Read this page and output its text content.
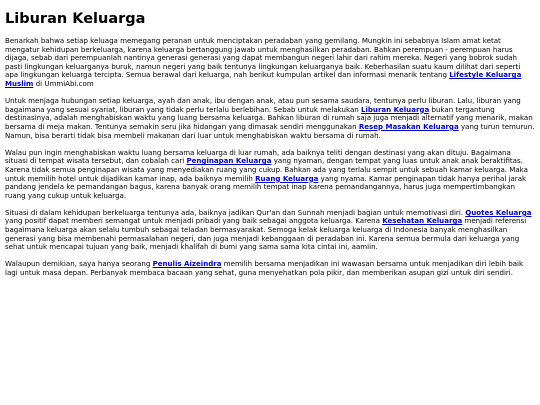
Liburan Keluarga

Benarkah bahwa setiap keluaga memegang peranan untuk menciptakan peradaban yang gemilang. Mungkin ini sebabnya Islam amat ketat mengatur kehidupan berkeluarga, karena keluarga bertanggung jawab untuk menghasilkan peradaban. Bahkan perempuan - perempuan harus dijaga, sebab dari perempuanlah nantinya generasi generasi yang dapat membangun negeri lahir dari rahim mereka. Negeri yang bobrok sudah pasti lingkungan keluarganya buruk, namun negeri yang baik tentunya lingkungan keluarganya baik. Keberhasilan suatu kaum dilihat dari seperti apa lingkungan keluarga tercipta. Semua berawal dari keluarga, nah berikut kumpulan artikel dan informasi menarik tentang Lifestyle Keluarga Muslim di UmmiAbi.com

Untuk menjaga hubungan setiap keluarga, ayah dan anak, ibu dengan anak, atau pun sesama saudara, tentunya perlu liburan. Lalu, liburan yang bagaimana yang sesuai syariat, liburan yang tidak perlu terlalu berlebihan. Sebab untuk melakukan Liburan Keluarga bukan tergantung destinasinya, adalah menghabiskan waktu yang luang bersama keluarga. Bahkan liburan di rumah saja juga menjadi alternatif yang menarik, makan bersama di meja makan. Tentunya semakin seru jika hidangan yang dimasak sendiri menggunakan Resep Masakan Keluarga yang turun temurun. Namun, bisa berarti tidak bisa membeli makanan dari luar untuk menghabiskan waktu bersama di rumah.

Walau pun ingin menghabiskan waktu luang bersama keluarga di luar rumah, ada baiknya teliti dengan destinasi yang akan dituju. Bagaimana situasi di tempat wisata tersebut, dan cobalah cari Penginapan Keluarga yang nyaman, dengan tempat yang luas untuk anak anak beraktifitas. Karena tidak semua penginapan wisata yang menyediakan ruang yang cukup. Bahkan ada yang terlalu sempit untuk sebuah kamar keluarga. Maka untuk memilih hotel untuk dijadikan kamar inap, ada baiknya memilih Ruang Keluarga yang nyama. Kamar penginapan tidak hanya perihal jarak pandang jendela ke pemandangan bagus, karena banyak orang memilih tempat inap karena pemandangannya, harus juga mempertimbangkan ruang yang cukup untuk keluarga.

Situasi di dalam kehidupan berkeluarga tentunya ada, baiknya jadikan Qur'an dan Sunnah menjadi bagian untuk memotivasi diri. Quotes Keluarga yang positif dapat memberi semangat untuk menjadi pribadi yang baik sebagai anggota keluarga. Karena Kesehatan Keluarga menjadi referensi bagaimana keluarga akan selalu tumbuh sebagai teladan bermasyarakat. Semoga kelak keluarga keluarga di Indonesia banyak menghasilkan generasi yang bisa membenahi permasalahan negeri, dan juga menjadi kebanggaan di peradaban ini. Karena semua bermula dari keluarga yang sehat untuk mencapai tujuan yang baik, menjadi khalifah di bumi yang sama sama kita cintai ini, aamiin.

Walaupun demikian, saya hanya seorang Penulis Aizeindra memilih bersama menjadikan ini wawasan bersama untuk menjadikan diri lebih baik lagi untuk masa depan. Perbanyak membaca bacaan yang sehat, guna menyehatkan pola pikir, dan memberikan asupan gizi untuk diri sendiri.
